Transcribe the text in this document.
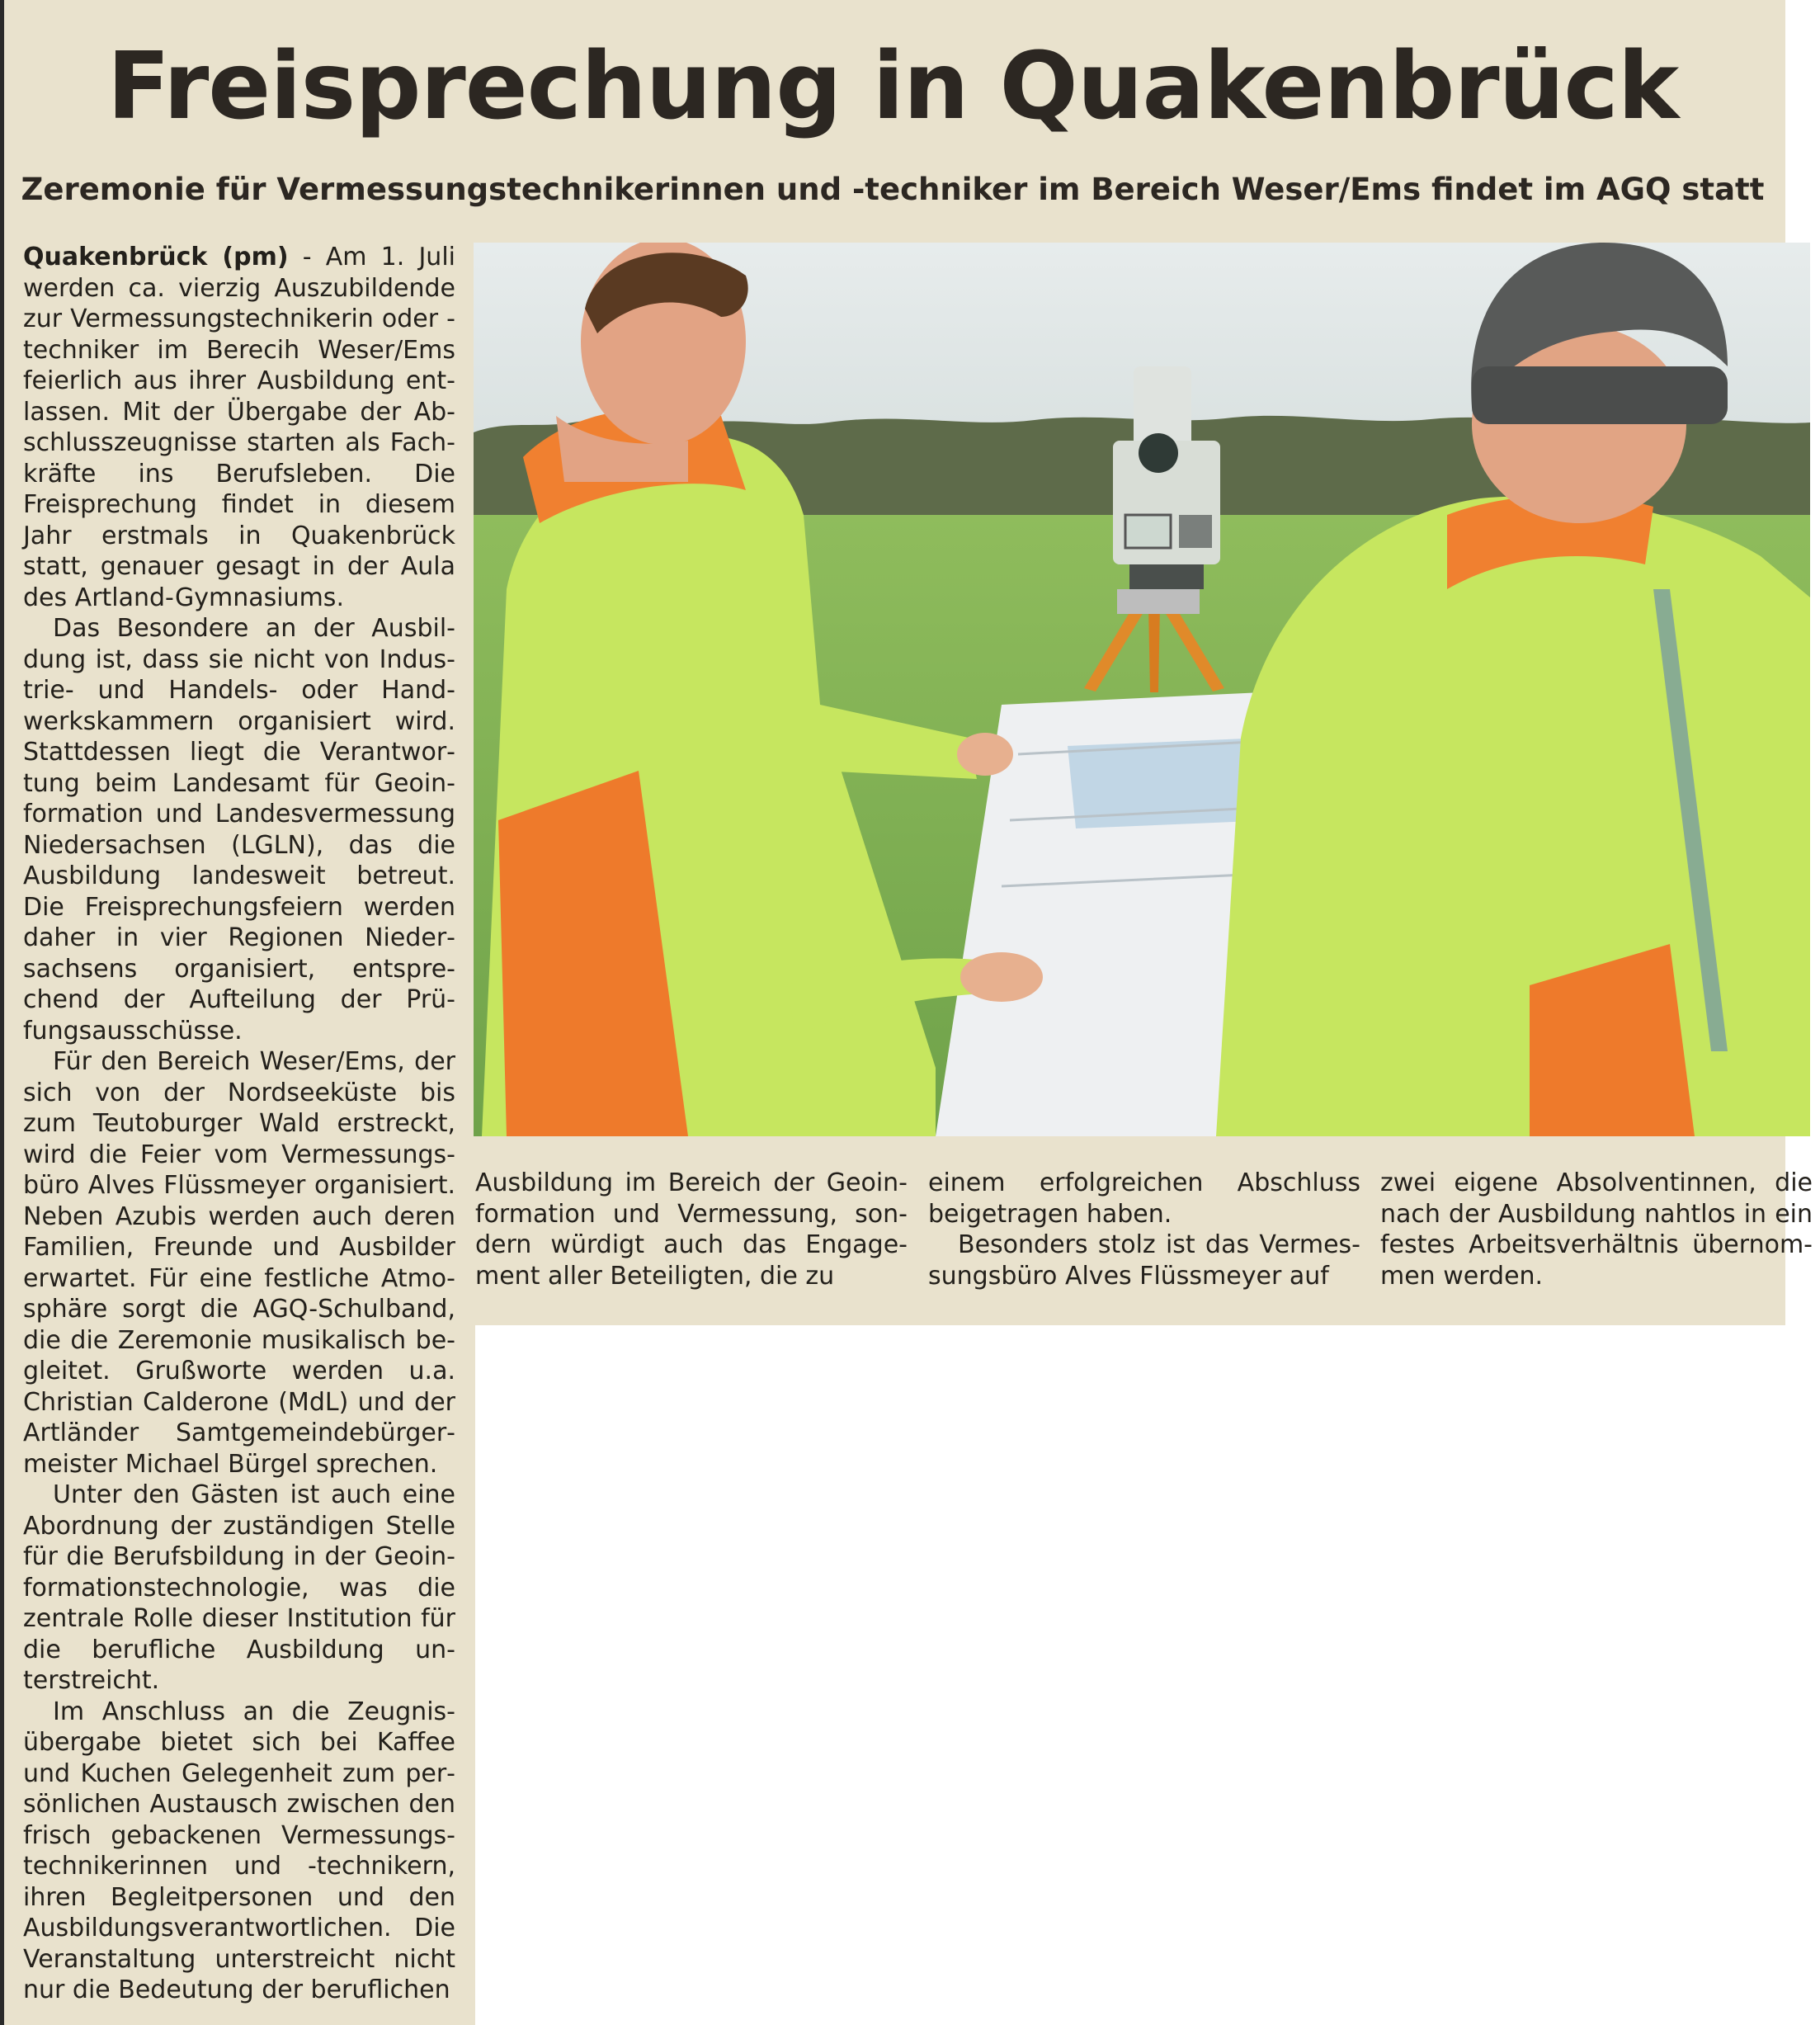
Freisprechung in Quakenbrück
Zeremonie für Vermessungstechnikerinnen und -techniker im Bereich Weser/Ems findet im AGQ statt

Quakenbrück (pm) - Am 1. Juli werden ca. vierzig Auszubildende zur Vermessungstechnikerin oder -techniker im Berecih Weser/Ems feierlich aus ihrer Ausbildung entlassen. Mit der Übergabe der Abschlusszeugnisse starten als Fachkräfte ins Berufsleben. Die Freisprechung findet in diesem Jahr erstmals in Quakenbrück statt, genauer gesagt in der Aula des Artland-Gymnasiums.

Das Besondere an der Ausbildung ist, dass sie nicht von Industrie- und Handels- oder Handwerkskammern organisiert wird. Stattdessen liegt die Verantwortung beim Landesamt für Geoinformation und Landesvermessung Niedersachsen (LGLN), das die Ausbildung landesweit betreut. Die Freisprechungsfeiern werden daher in vier Regionen Niedersachsens organisiert, entsprechend der Aufteilung der Prüfungsausschüsse.

Für den Bereich Weser/Ems, der sich von der Nordseeküste bis zum Teutoburger Wald erstreckt, wird die Feier vom Vermessungsbüro Alves Flüssmeyer organisiert. Neben Azubis werden auch deren Familien, Freunde und Ausbilder erwartet. Für eine festliche Atmosphäre sorgt die AGQ-Schulband, die die Zeremonie musikalisch begleitet. Grußworte werden u.a. Christian Calderone (MdL) und der Artländer Samtgemeindebürgermeister Michael Bürgel sprechen.

Unter den Gästen ist auch eine Abordnung der zuständigen Stelle für die Berufsbildung in der Geoinformationstechnologie, was die zentrale Rolle dieser Institution für die berufliche Ausbildung unterstreicht.

Im Anschluss an die Zeugnisübergabe bietet sich bei Kaffee und Kuchen Gelegenheit zum persönlichen Austausch zwischen den frisch gebackenen Vermessungstechnikerinnen und -technikern, ihren Begleitpersonen und den Ausbildungsverantwortlichen. Die Veranstaltung unterstreicht nicht nur die Bedeutung der beruflichen

Ausbildung im Bereich der Geoinformation und Vermessung, sondern würdigt auch das Engagement aller Beteiligten, die zu

einem erfolgreichen Abschluss beigetragen haben.

Besonders stolz ist das Vermessungsbüro Alves Flüssmeyer auf

zwei eigene Absolventinnen, die nach der Ausbildung nahtlos in ein festes Arbeitsverhältnis übernommen werden.
